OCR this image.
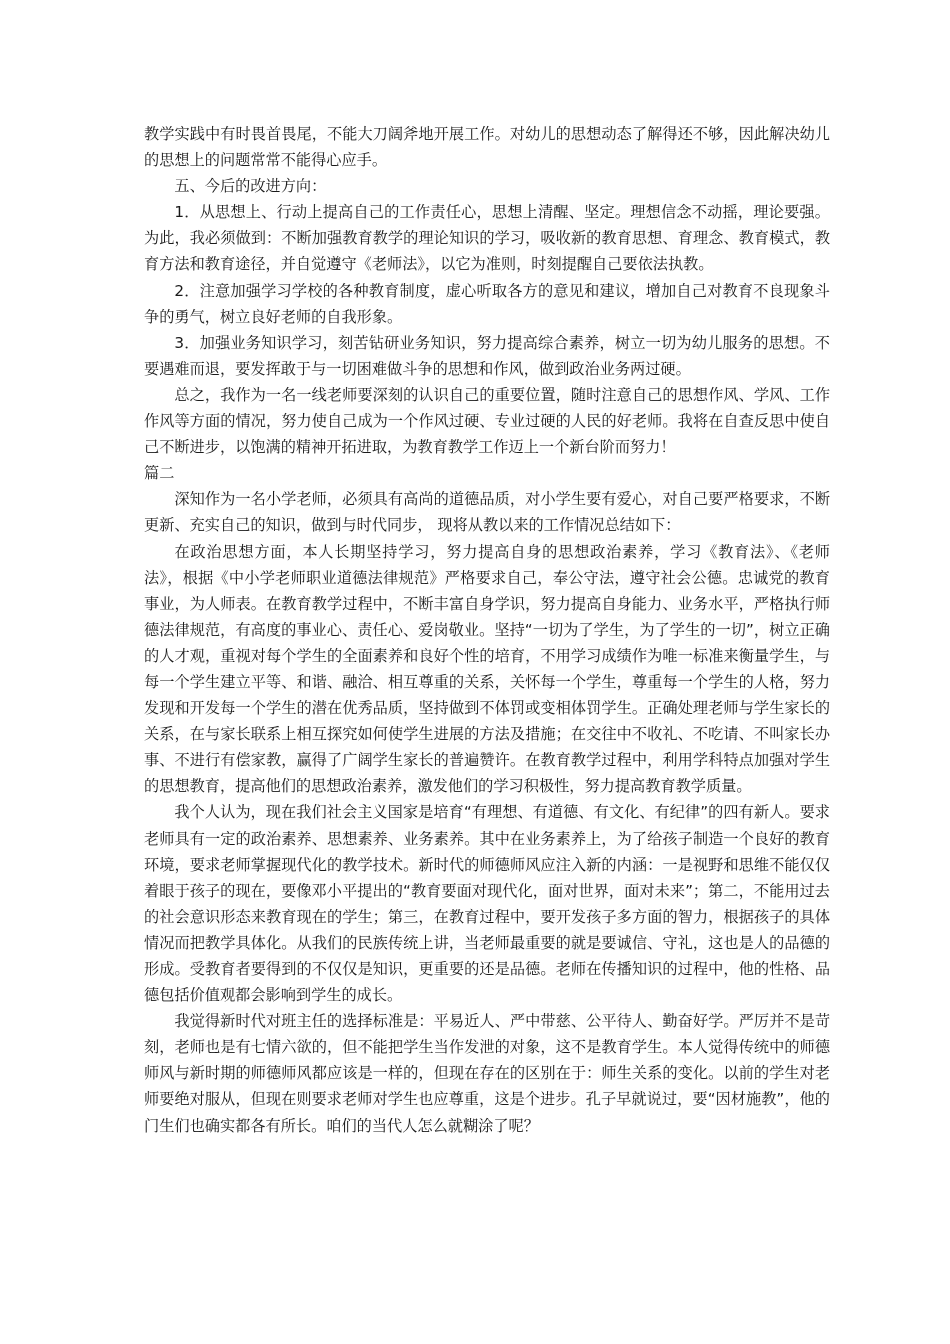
教学实践中有时畏首畏尾，不能大刀阔斧地开展工作。对幼儿的思想动态了解得还不够，因此解决幼儿的思想上的问题常常不能得心应手。

五、今后的改进方向：

1．从思想上、行动上提高自己的工作责任心，思想上清醒、坚定。理想信念不动摇，理论要强。为此，我必须做到：不断加强教育教学的理论知识的学习，吸收新的教育思想、育理念、教育模式，教育方法和教育途径，并自觉遵守《老师法》，以它为准则，时刻提醒自己要依法执教。

2．注意加强学习学校的各种教育制度，虚心听取各方的意见和建议，增加自己对教育不良现象斗争的勇气，树立良好老师的自我形象。

3．加强业务知识学习，刻苦钻研业务知识，努力提高综合素养，树立一切为幼儿服务的思想。不要遇难而退，要发挥敢于与一切困难做斗争的思想和作风，做到政治业务两过硬。

总之，我作为一名一线老师要深刻的认识自己的重要位置，随时注意自己的思想作风、学风、工作作风等方面的情况，努力使自己成为一个作风过硬、专业过硬的人民的好老师。我将在自查反思中使自己不断进步，以饱满的精神开拓进取，为教育教学工作迈上一个新台阶而努力！

篇二

深知作为一名小学老师，必须具有高尚的道德品质，对小学生要有爱心，对自己要严格要求，不断更新、充实自己的知识，做到与时代同步， 现将从教以来的工作情况总结如下：

在政治思想方面，本人长期坚持学习，努力提高自身的思想政治素养，学习《教育法》、《老师法》，根据《中小学老师职业道德法律规范》严格要求自己，奉公守法，遵守社会公德。忠诚党的教育事业，为人师表。在教育教学过程中，不断丰富自身学识，努力提高自身能力、业务水平，严格执行师德法律规范，有高度的事业心、责任心、爱岗敬业。坚持“一切为了学生，为了学生的一切”，树立正确的人才观，重视对每个学生的全面素养和良好个性的培育，不用学习成绩作为唯一标准来衡量学生，与每一个学生建立平等、和谐、融洽、相互尊重的关系，关怀每一个学生，尊重每一个学生的人格，努力发现和开发每一个学生的潜在优秀品质，坚持做到不体罚或变相体罚学生。正确处理老师与学生家长的关系，在与家长联系上相互探究如何使学生进展的方法及措施；在交往中不收礼、不吃请、不叫家长办事、不进行有偿家教，赢得了广阔学生家长的普遍赞许。在教育教学过程中，利用学科特点加强对学生的思想教育，提高他们的思想政治素养，激发他们的学习积极性，努力提高教育教学质量。

我个人认为，现在我们社会主义国家是培育“有理想、有道德、有文化、有纪律”的四有新人。要求老师具有一定的政治素养、思想素养、业务素养。其中在业务素养上，为了给孩子制造一个良好的教育环境，要求老师掌握现代化的教学技术。新时代的师德师风应注入新的内涵：一是视野和思维不能仅仅着眼于孩子的现在，要像邓小平提出的“教育要面对现代化，面对世界，面对未来”；第二，不能用过去的社会意识形态来教育现在的学生；第三，在教育过程中，要开发孩子多方面的智力，根据孩子的具体情况而把教学具体化。从我们的民族传统上讲，当老师最重要的就是要诚信、守礼，这也是人的品德的形成。受教育者要得到的不仅仅是知识，更重要的还是品德。老师在传播知识的过程中，他的性格、品德包括价值观都会影响到学生的成长。

我觉得新时代对班主任的选择标准是：平易近人、严中带慈、公平待人、勤奋好学。严厉并不是苛刻，老师也是有七情六欲的，但不能把学生当作发泄的对象，这不是教育学生。本人觉得传统中的师德师风与新时期的师德师风都应该是一样的，但现在存在的区别在于：师生关系的变化。以前的学生对老师要绝对服从，但现在则要求老师对学生也应尊重，这是个进步。孔子早就说过，要“因材施教”，他的门生们也确实都各有所长。咱们的当代人怎么就糊涂了呢？
